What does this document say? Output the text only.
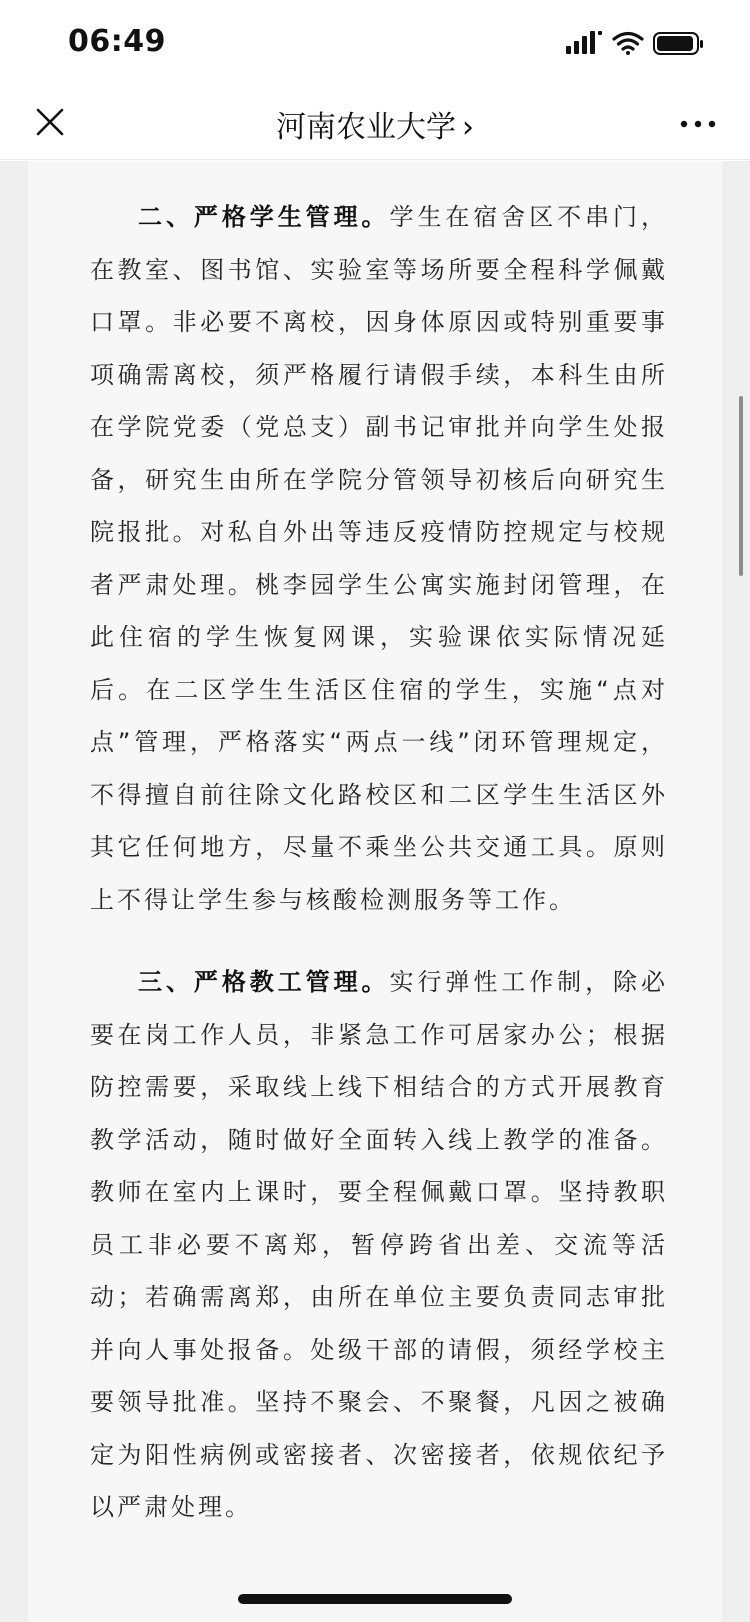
06:49
河南农业大学 ›

二、严格学生管理。学生在宿舍区不串门，在教室、图书馆、实验室等场所要全程科学佩戴口罩。非必要不离校，因身体原因或特别重要事项确需离校，须严格履行请假手续，本科生由所在学院党委（党总支）副书记审批并向学生处报备，研究生由所在学院分管领导初核后向研究生院报批。对私自外出等违反疫情防控规定与校规者严肃处理。桃李园学生公寓实施封闭管理，在此住宿的学生恢复网课，实验课依实际情况延后。在二区学生生活区住宿的学生，实施“点对点”管理，严格落实“两点一线”闭环管理规定，不得擅自前往除文化路校区和二区学生生活区外其它任何地方，尽量不乘坐公共交通工具。原则上不得让学生参与核酸检测服务等工作。

三、严格教工管理。实行弹性工作制，除必要在岗工作人员，非紧急工作可居家办公；根据防控需要，采取线上线下相结合的方式开展教育教学活动，随时做好全面转入线上教学的准备。教师在室内上课时，要全程佩戴口罩。坚持教职员工非必要不离郑，暂停跨省出差、交流等活动；若确需离郑，由所在单位主要负责同志审批并向人事处报备。处级干部的请假，须经学校主要领导批准。坚持不聚会、不聚餐，凡因之被确定为阳性病例或密接者、次密接者，依规依纪予以严肃处理。
